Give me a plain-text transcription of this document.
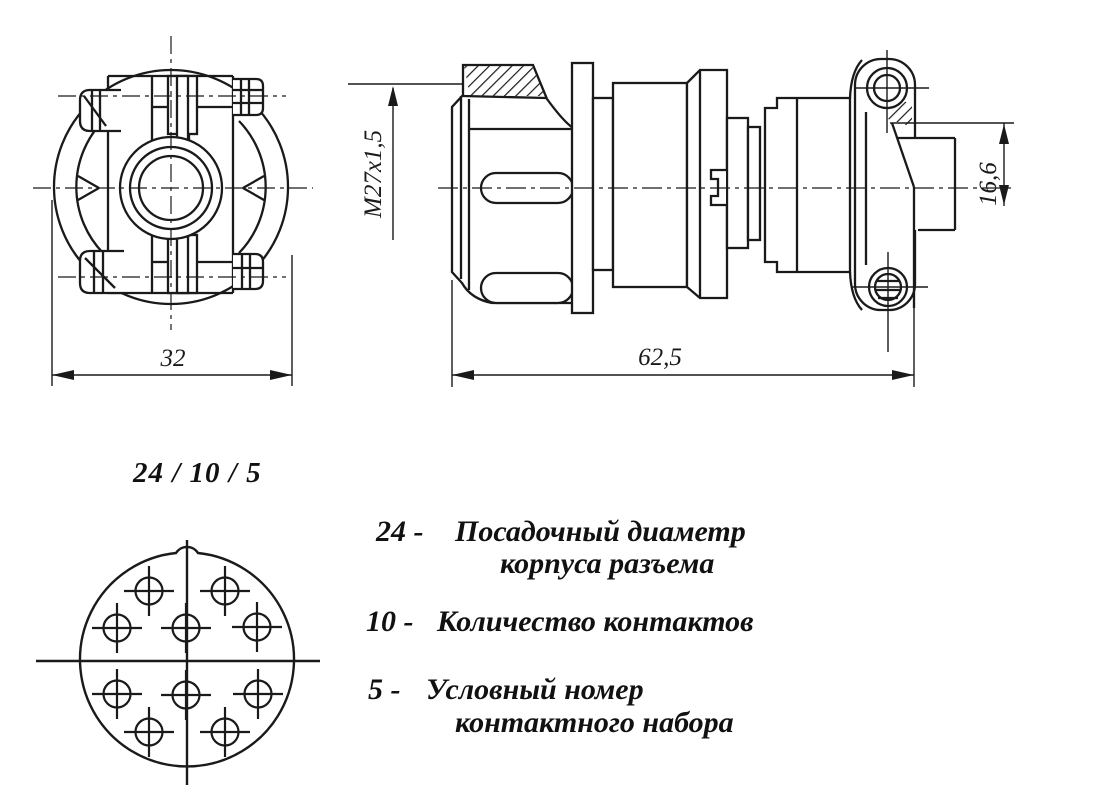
32
M27x1,5
62,5
16,6
24 / 10 / 5
24 - Посадочный диаметр
корпуса разъема
10 - Количество контактов
5 - Условный номер
контактного набора
